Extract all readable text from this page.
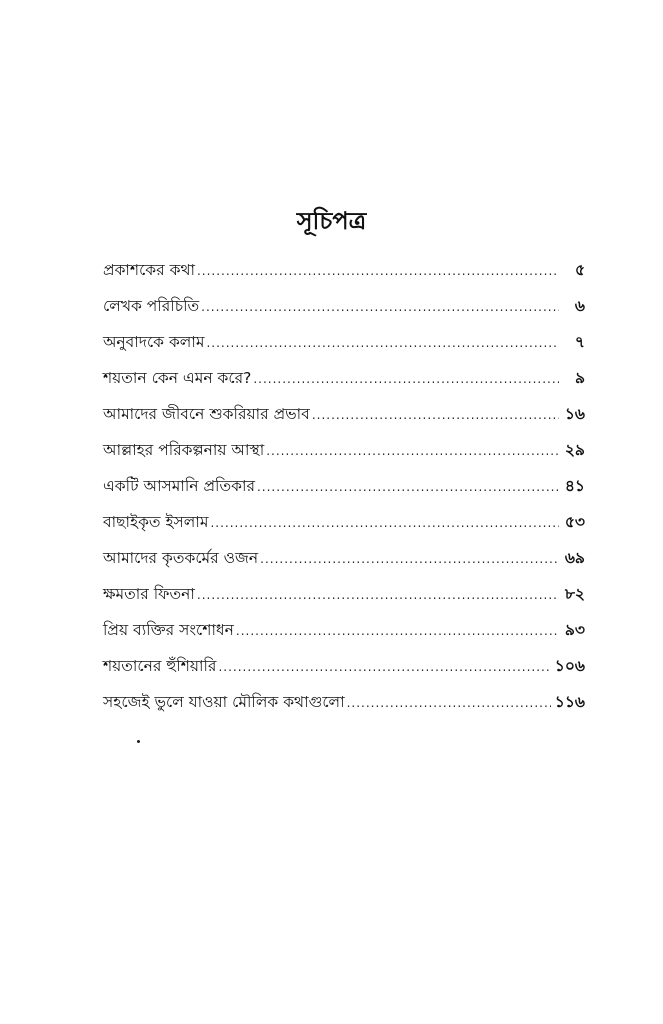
সূচিপত্র
প্রকাশকের কথা .....	৫
লেখক পরিচিতি .....	৬
অনুবাদকে কলাম .....	৭
শয়তান কেন এমন করে? .....	৯
আমাদের জীবনে শুকরিয়ার প্রভাব .....	১৬
আল্লাহর পরিকল্পনায় আস্থা .....	২৯
একটি আসমানি প্রতিকার .....	৪১
বাছাইকৃত ইসলাম .....	৫৩
আমাদের কৃতকর্মের ওজন .....	৬৯
ক্ষমতার ফিতনা .....	৮২
প্রিয় ব্যক্তির সংশোধন .....	৯৩
শয়তানের হুঁশিয়ারি .....	১০৬
সহজেই ভুলে যাওয়া মৌলিক কথাগুলো .....	১১৬
